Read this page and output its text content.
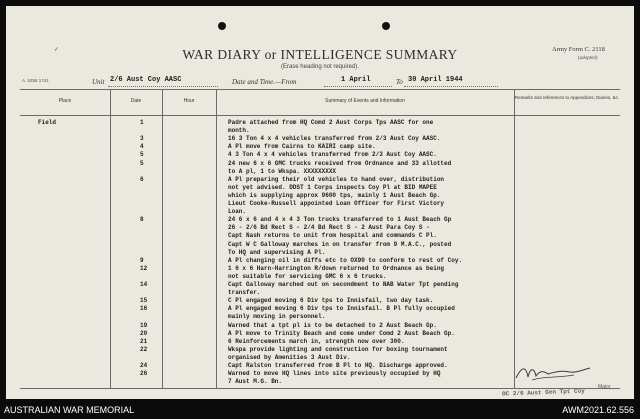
✓	WAR DIARY or INTELLIGENCE SUMMARY
(Erase heading not required).
Army Form C. 2118
(adopted)
A. 5258 1741	Unit 2/6 Aust Coy AASC	Date and Time.—From	1 April	To 30 April 1944
Place	Date	Hour	Summary of Events and Information
Remarks and references to Appendices, Diaries, &c.
Field	1	Padre attached from HQ Comd 2 Aust Corps Tps AASC for one
month.
3	16 3 Ton 4 x 4 vehicles transferred from 2/3 Aust Coy AASC.
4	A Pl move from Cairns to KAIRI camp site.
5	4 3 Ton 4 x 4 vehicles transferred from 2/3 Aust Coy AASC.
5	24 new 6 x 6 GMC trucks received from Ordnance and 33 allotted
to A pl, 1 to Wkspa. XXXXXXXXX
6	A Pl preparing their old vehicles to hand over, distribution
not yet advised. DDST 1 Corps inspects Coy Pl at BID MAPEE
which is supplying approx 9600 tps, mainly 1 Aust Beach Gp.
Lieut Cooke-Russell appointed Loan Officer for First Victory
Loan.
8	24 6 x 6 and 4 x 4 3 Ton trucks transferred to 1 Aust Beach Gp
26 - 2/6 Bd Rect S - 2/4 Bd Rect S - 2 Aust Para Coy S -
Capt Nash returns to unit from hospital and commands C Pl.
Capt W C Galloway marches in on transfer from 9 M.A.C., posted
To HQ and supervising A Pl.
9	A Pl changing oil in diffs etc to OX90 to conform to rest of Coy.
12	1 6 x 6 Harn-Harrington R/down returned to Ordnance as being
not suitable for servicing GMC 6 x 6 trucks.
14	Capt Galloway marched out on secondment to NAB Water Tpt pending
transfer.
15	C Pl engaged moving 6 Div tps to Innisfail, two day task.
16	A Pl engaged moving 6 Div tps to Innisfail. B Pl fully occupied
mainly moving in personnel.
19	Warned that a tpt pl is to be detached to 2 Aust Beach Gp.
20	A Pl move to Trinity Beach and come under Comd 2 Aust Beach Gp.
21	6 Reinforcements march in, strength now over 300.
22	Wkspa provide lighting and construction for boxing tournament
organised by Amenities 3 Aust Div.
24	Capt Ralston transferred from B Pl to HQ. Discharge approved.
26	Warned to move HQ lines into site previously occupied by HQ
7 Aust M.G. Bn.
OC 2/6 Aust Gen Tpt Coy
Major
AUSTRALIAN WAR MEMORIAL	AWM2021.62.556
